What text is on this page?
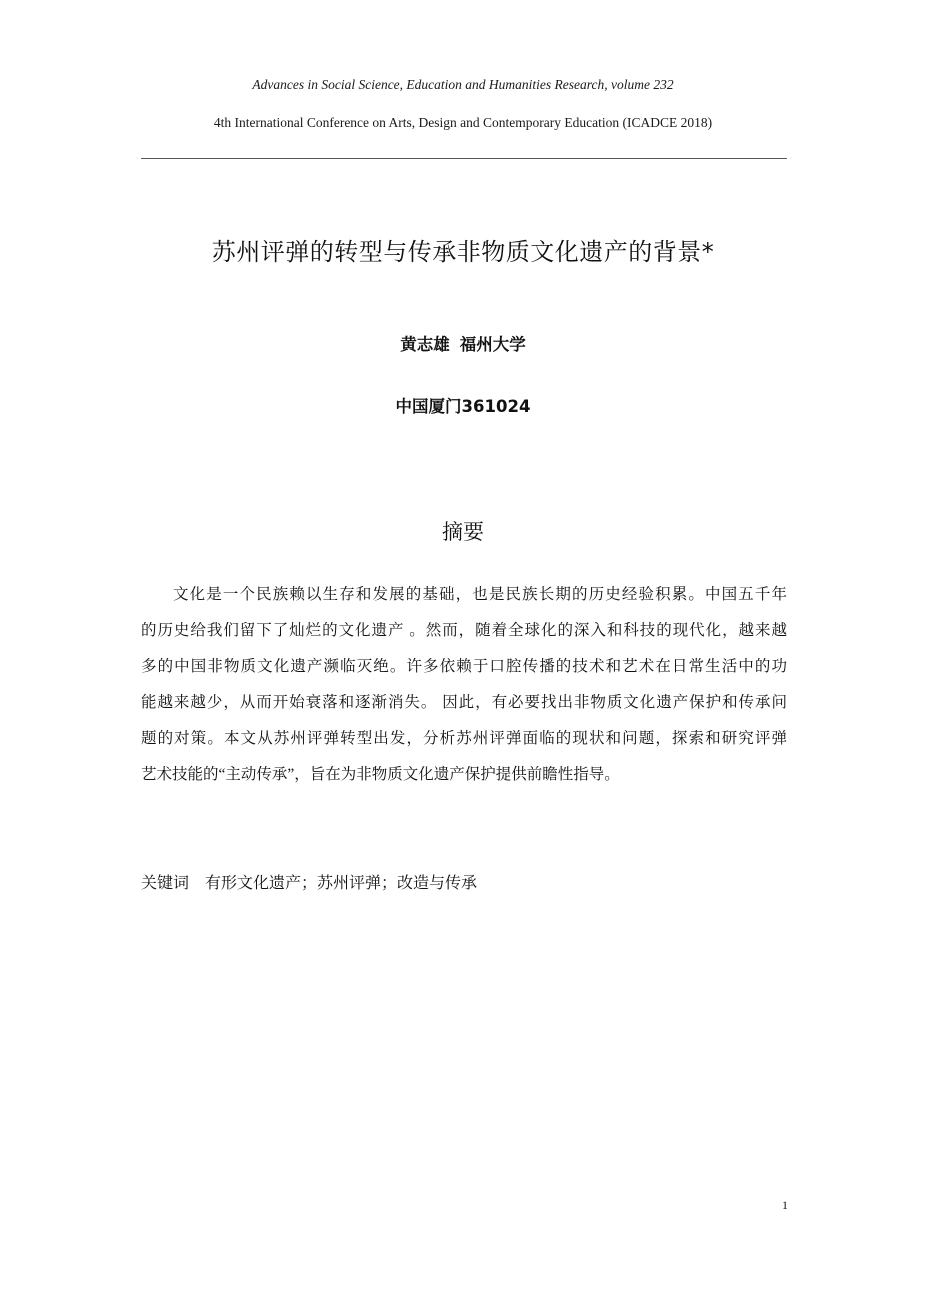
Advances in Social Science, Education and Humanities Research, volume 232
4th International Conference on Arts, Design and Contemporary Education (ICADCE 2018)
苏州评弹的转型与传承非物质文化遗产的背景*
黄志雄 福州大学
中国厦门361024
摘要
文化是一个民族赖以生存和发展的基础，也是民族长期的历史经验积累。中国五千年
的历史给我们留下了灿烂的文化遗产 。然而，随着全球化的深入和科技的现代化，越来越
多的中国非物质文化遗产濒临灭绝。许多依赖于口腔传播的技术和艺术在日常生活中的功
能越来越少，从而开始衰落和逐渐消失。 因此，有必要找出非物质文化遗产保护和传承问
题的对策。本文从苏州评弹转型出发，分析苏州评弹面临的现状和问题，探索和研究评弹
艺术技能的“主动传承”，旨在为非物质文化遗产保护提供前瞻性指导。
关键词 有形文化遗产；苏州评弹；改造与传承
1
